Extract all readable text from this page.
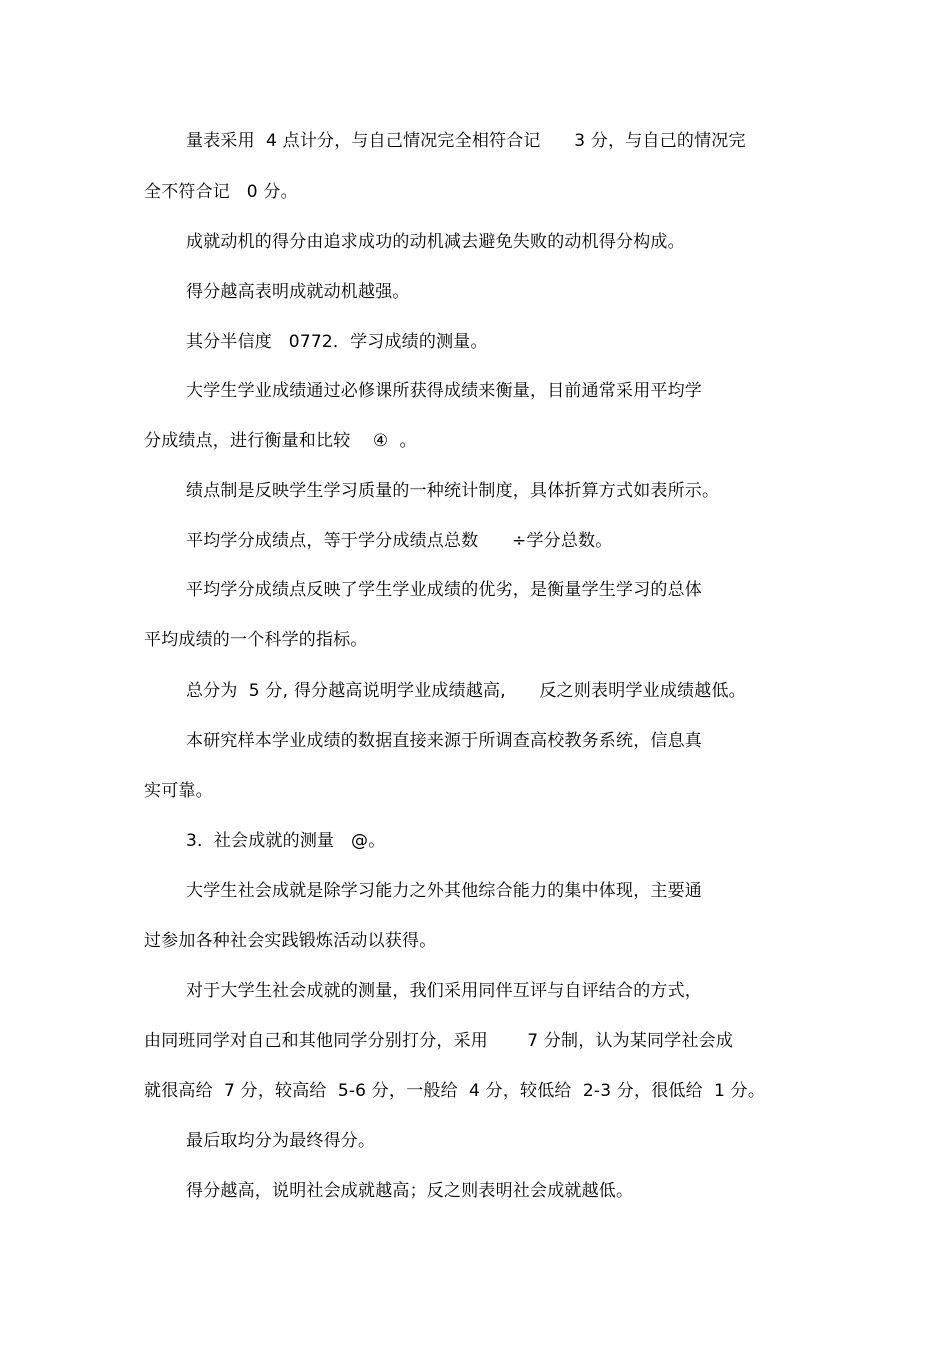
量表采用  4 点计分，与自己情况完全相符合记      3 分，与自己的情况完
全不符合记   0 分。
成就动机的得分由追求成功的动机减去避免失败的动机得分构成。
得分越高表明成就动机越强。
其分半信度   0772．学习成绩的测量。
大学生学业成绩通过必修课所获得成绩来衡量，目前通常采用平均学
分成绩点，进行衡量和比较    ④  。
绩点制是反映学生学习质量的一种统计制度，具体折算方式如表所示。
平均学分成绩点，等于学分成绩点总数      ÷学分总数。
平均学分成绩点反映了学生学业成绩的优劣，是衡量学生学习的总体
平均成绩的一个科学的指标。
总分为  5 分, 得分越高说明学业成绩越高,      反之则表明学业成绩越低。
本研究样本学业成绩的数据直接来源于所调查高校教务系统，信息真
实可靠。
3.  社会成就的测量   @。
大学生社会成就是除学习能力之外其他综合能力的集中体现，主要通
过参加各种社会实践锻炼活动以获得。
对于大学生社会成就的测量，我们采用同伴互评与自评结合的方式，
由同班同学对自己和其他同学分别打分，采用       7 分制，认为某同学社会成
就很高给  7 分，较高给  5-6 分，一般给  4 分，较低给  2-3 分，很低给  1 分。
最后取均分为最终得分。
得分越高，说明社会成就越高；反之则表明社会成就越低。
